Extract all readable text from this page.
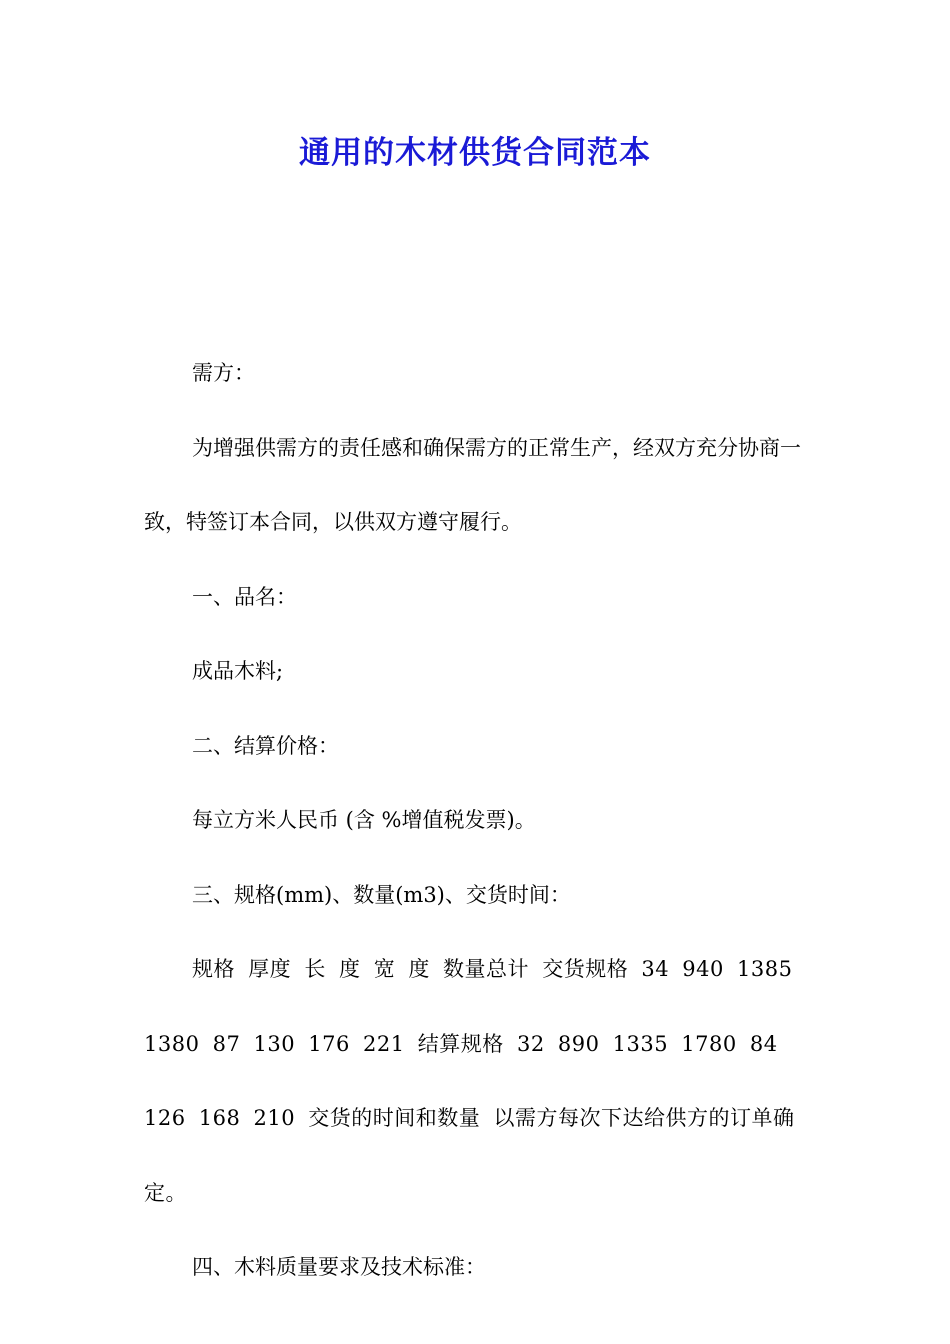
通用的木材供货合同范本

需方：

为增强供需方的责任感和确保需方的正常生产，经双方充分协商一致，特签订本合同，以供双方遵守履行。

一、品名：

成品木料;

二、结算价格：

每立方米人民币 (含 %增值税发票)。

三、规格(mm)、数量(m3)、交货时间：

规格 厚度 长 度 宽 度 数量总计 交货规格 34 940 1385 1380 87 130 176 221 结算规格 32 890 1335 1780 84 126 168 210 交货的时间和数量 以需方每次下达给供方的订单确定。

四、木料质量要求及技术标准：
